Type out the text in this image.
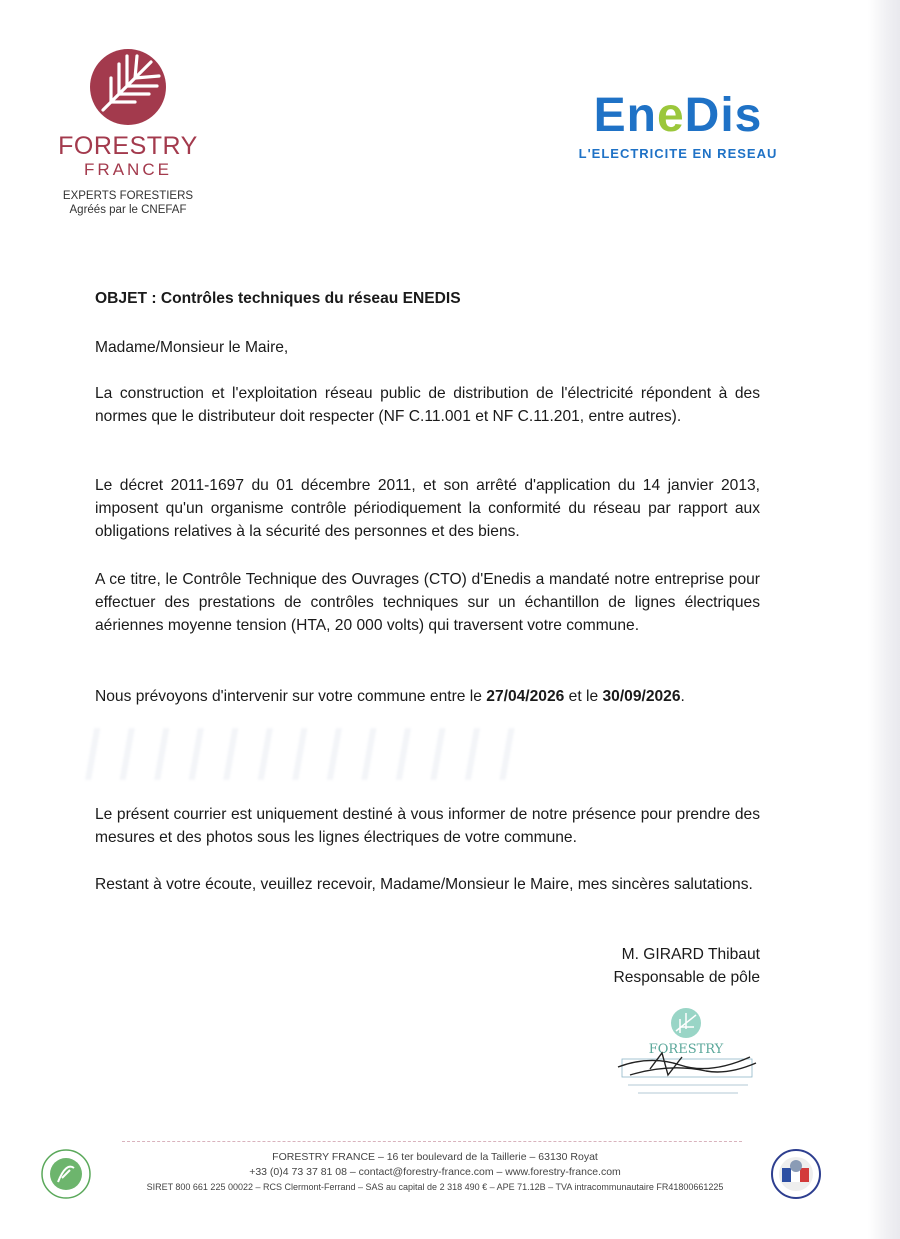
FORESTRY
FRANCE
EXPERTS FORESTIERS
Agréés par le CNEFAF
EneDis
L'ELECTRICITE EN RESEAU
OBJET : Contrôles techniques du réseau ENEDIS
Madame/Monsieur le Maire,
La construction et l'exploitation réseau public de distribution de l'électricité répondent à des normes que le distributeur doit respecter (NF C.11.001 et NF C.11.201, entre autres).
Le décret 2011-1697 du 01 décembre 2011, et son arrêté d'application du 14 janvier 2013, imposent qu'un organisme contrôle périodiquement la conformité du réseau par rapport aux obligations relatives à la sécurité des personnes et des biens.
A ce titre, le Contrôle Technique des Ouvrages (CTO) d'Enedis a mandaté notre entreprise pour effectuer des prestations de contrôles techniques sur un échantillon de lignes électriques aériennes moyenne tension (HTA, 20 000 volts) qui traversent votre commune.
Nous prévoyons d'intervenir sur votre commune entre le 27/04/2026 et le 30/09/2026.
Le présent courrier est uniquement destiné à vous informer de notre présence pour prendre des mesures et des photos sous les lignes électriques de votre commune.
Restant à votre écoute, veuillez recevoir, Madame/Monsieur le Maire, mes sincères salutations.
M. GIRARD Thibaut
Responsable de pôle
FORESTRY
FORESTRY FRANCE – 16 ter boulevard de la Taillerie – 63130 Royat
+33 (0)4 73 37 81 08 – contact@forestry-france.com – www.forestry-france.com
SIRET 800 661 225 00022 – RCS Clermont-Ferrand – SAS au capital de 2 318 490 € – APE 71.12B – TVA intracommunautaire FR41800661225
